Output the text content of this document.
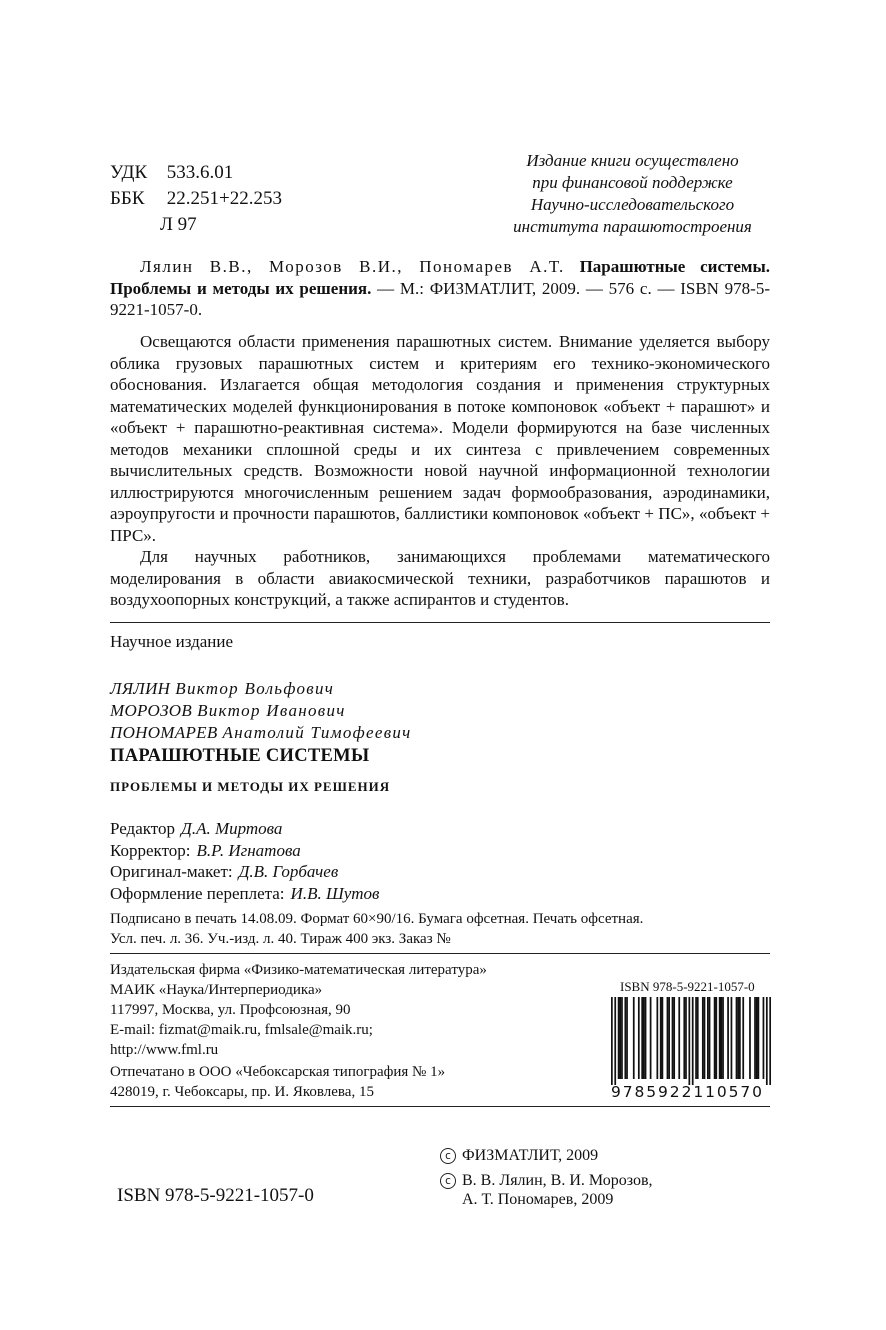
УДК 533.6.01
ББК 22.251+22.253
Л 97
Издание книги осуществлено
при финансовой поддержке
Научно-исследовательского
института парашютостроения
Лялин В.В., Морозов В.И., Пономарев А.Т. Парашютные системы. Проблемы и методы их решения. — М.: ФИЗМАТЛИТ, 2009. — 576 с. — ISBN 978-5-9221-1057-0.

Освещаются области применения парашютных систем. Внимание уделяется выбору облика грузовых парашютных систем и критериям его технико-экономического обоснования. Излагается общая методология создания и применения структурных математических моделей функционирования в потоке компоновок «объект + парашют» и «объект + парашютно-реактивная система». Модели формируются на базе численных методов механики сплошной среды и их синтеза с привлечением современных вычислительных средств. Возможности новой научной информационной технологии иллюстрируются многочисленным решением задач формообразования, аэродинамики, аэроупругости и прочности парашютов, баллистики компоновок «объект + ПС», «объект + ПРС».

Для научных работников, занимающихся проблемами математического моделирования в области авиакосмической техники, разработчиков парашютов и воздухоопорных конструкций, а также аспирантов и студентов.

Научное издание
ЛЯЛИН Виктор Вольфович
МОРОЗОВ Виктор Иванович
ПОНОМАРЕВ Анатолий Тимофеевич
ПАРАШЮТНЫЕ СИСТЕМЫ
ПРОБЛЕМЫ И МЕТОДЫ ИХ РЕШЕНИЯ
Редактор Д.А. Миртова
Корректор: В.Р. Игнатова
Оригинал-макет: Д.В. Горбачев
Оформление переплета: И.В. Шутов
Подписано в печать 14.08.09. Формат 60×90/16. Бумага офсетная. Печать офсетная.
Усл. печ. л. 36. Уч.-изд. л. 40. Тираж 400 экз. Заказ №
Издательская фирма «Физико-математическая литература»
МАИК «Наука/Интерпериодика»
117997, Москва, ул. Профсоюзная, 90
E-mail: fizmat@maik.ru, fmlsale@maik.ru;
http://www.fml.ru
Отпечатано в ООО «Чебоксарская типография № 1»
428019, г. Чебоксары, пр. И. Яковлева, 15
ISBN 978-5-9221-1057-0
9785922110570
c ФИЗМАТЛИТ, 2009
c В. В. Лялин, В. И. Морозов,
А. Т. Пономарев, 2009
ISBN 978-5-9221-1057-0
